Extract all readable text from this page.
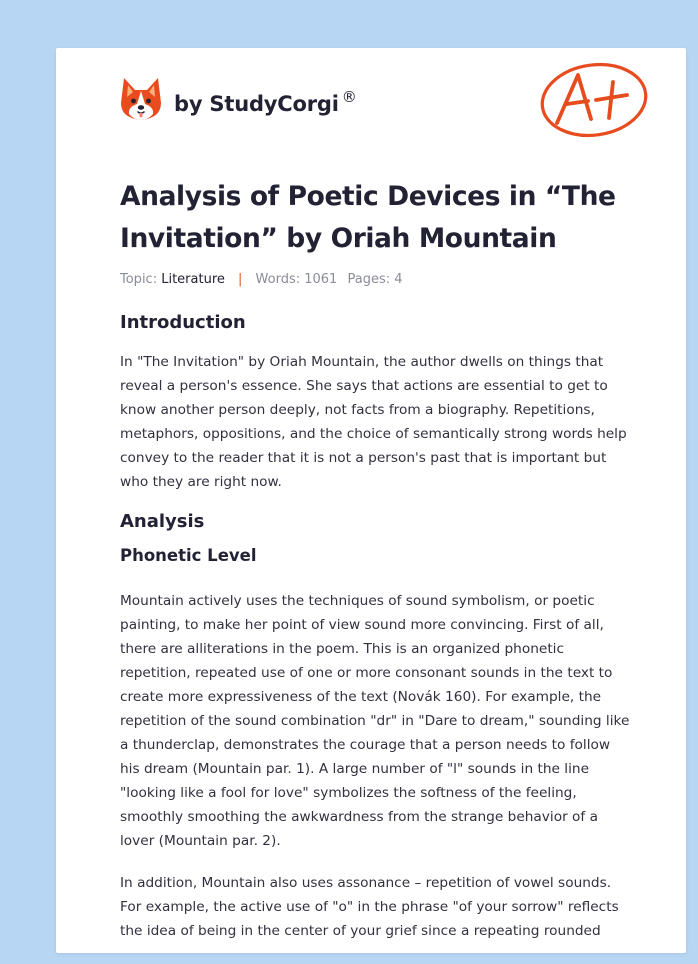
by StudyCorgi ®
Analysis of Poetic Devices in “The Invitation” by Oriah Mountain
Topic: Literature | Words: 1061 Pages: 4
Introduction

In "The Invitation" by Oriah Mountain, the author dwells on things that reveal a person's essence. She says that actions are essential to get to know another person deeply, not facts from a biography. Repetitions, metaphors, oppositions, and the choice of semantically strong words help convey to the reader that it is not a person's past that is important but who they are right now.

Analysis
Phonetic Level

Mountain actively uses the techniques of sound symbolism, or poetic painting, to make her point of view sound more convincing. First of all, there are alliterations in the poem. This is an organized phonetic repetition, repeated use of one or more consonant sounds in the text to create more expressiveness of the text (Novák 160). For example, the repetition of the sound combination "dr" in "Dare to dream," sounding like a thunderclap, demonstrates the courage that a person needs to follow his dream (Mountain par. 1). A large number of "l" sounds in the line "looking like a fool for love" symbolizes the softness of the feeling, smoothly smoothing the awkwardness from the strange behavior of a lover (Mountain par. 2).

In addition, Mountain also uses assonance – repetition of vowel sounds. For example, the active use of "o" in the phrase "of your sorrow" reflects the idea of being in the center of your grief since a repeating rounded
